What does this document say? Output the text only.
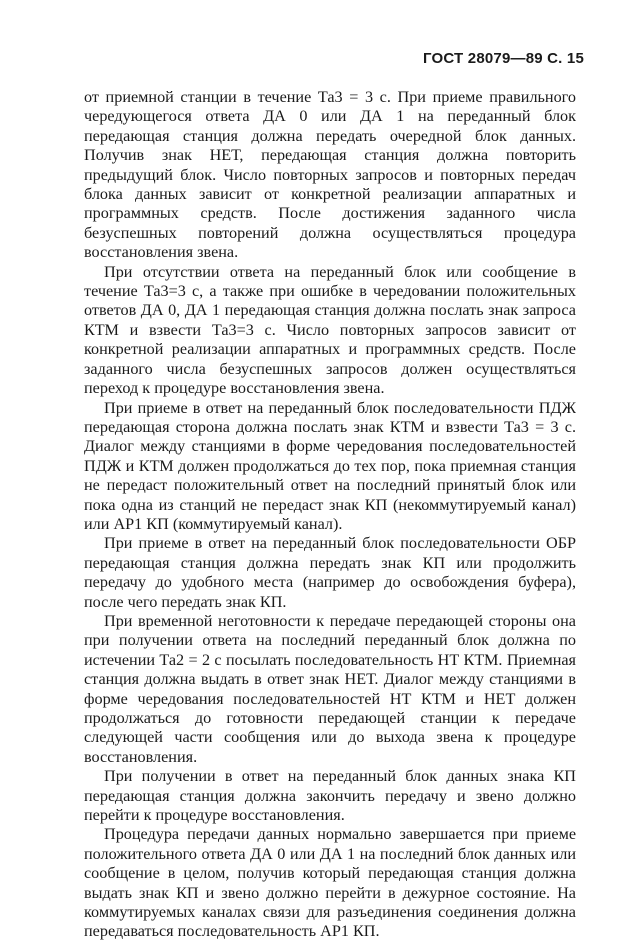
ГОСТ 28079—89 С. 15

от приемной станции в течение Та3 = 3 с. При приеме правильного чередующегося ответа ДА 0 или ДА 1 на переданный блок передающая станция должна передать очередной блок данных. Получив знак НЕТ, передающая станция должна повторить предыдущий блок. Число повторных запросов и повторных передач блока данных зависит от конкретной реализации аппаратных и программных средств. После достижения заданного числа безуспешных повторений должна осуществляться процедура восстановления звена.

При отсутствии ответа на переданный блок или сообщение в течение Та3=3 с, а также при ошибке в чередовании положительных ответов ДА 0, ДА 1 передающая станция должна послать знак запроса КТМ и взвести Та3=3 с. Число повторных запросов зависит от конкретной реализации аппаратных и программных средств. После заданного числа безуспешных запросов должен осуществляться переход к процедуре восстановления звена.

При приеме в ответ на переданный блок последовательности ПДЖ передающая сторона должна послать знак КТМ и взвести Та3 = 3 с. Диалог между станциями в форме чередования последовательностей ПДЖ и КТМ должен продолжаться до тех пор, пока приемная станция не передаст положительный ответ на последний принятый блок или пока одна из станций не передаст знак КП (некоммутируемый канал) или АР1 КП (коммутируемый канал).

При приеме в ответ на переданный блок последовательности ОБР передающая станция должна передать знак КП или продолжить передачу до удобного места (например до освобождения буфера), после чего передать знак КП.

При временной неготовности к передаче передающей стороны она при получении ответа на последний переданный блок должна по истечении Та2 = 2 с посылать последовательность НТ КТМ. Приемная станция должна выдать в ответ знак НЕТ. Диалог между станциями в форме чередования последовательностей НТ КТМ и НЕТ должен продолжаться до готовности передающей станции к передаче следующей части сообщения или до выхода звена к процедуре восстановления.

При получении в ответ на переданный блок данных знака КП передающая станция должна закончить передачу и звено должно перейти к процедуре восстановления.

Процедура передачи данных нормально завершается при приеме положительного ответа ДА 0 или ДА 1 на последний блок данных или сообщение в целом, получив который передающая станция должна выдать знак КП и звено должно перейти в дежурное состояние. На коммутируемых каналах связи для разъединения соединения должна передаваться последовательность АР1 КП.
